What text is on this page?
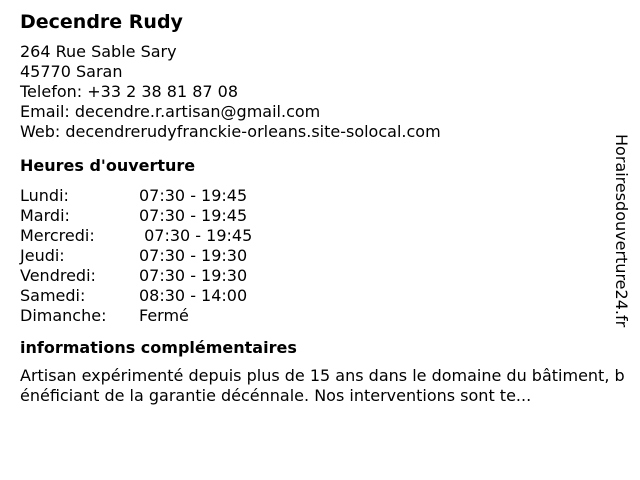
Decendre Rudy
264 Rue Sable Sary
45770 Saran
Telefon: +33 2 38 81 87 08
Email: decendre.r.artisan@gmail.com
Web: decendrerudyfranckie-orleans.site-solocal.com
Heures d'ouverture
Lundi:	07:30 - 19:45
Mardi:	07:30 - 19:45
Mercredi:	07:30 - 19:45
Jeudi:	07:30 - 19:30
Vendredi:	07:30 - 19:30
Samedi:	08:30 - 14:00
Dimanche:	Fermé
informations complémentaires
Artisan expérimenté depuis plus de 15 ans dans le domaine du bâtiment, bénéficiant de la garantie décénnale. Nos interventions sont te...
Horairesdouverture24.fr
